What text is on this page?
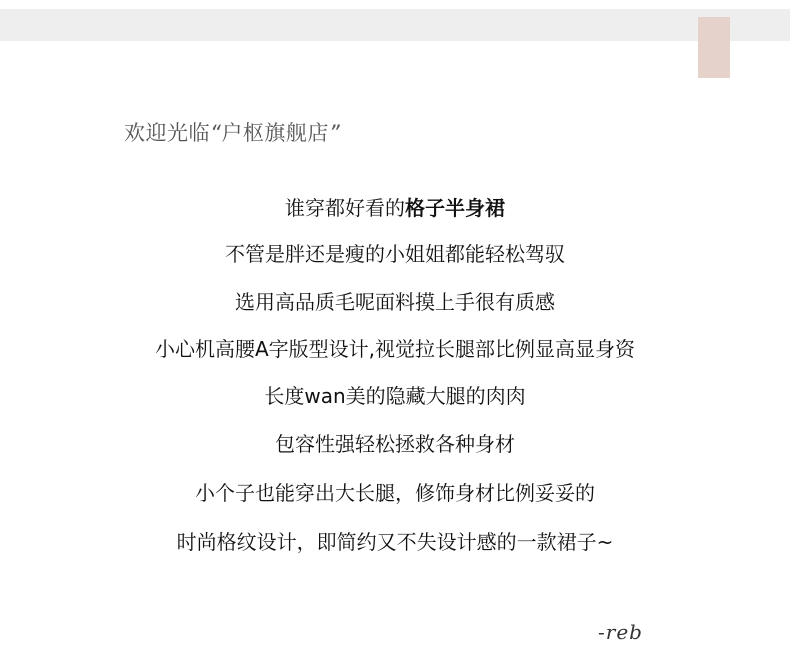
欢迎光临“户枢旗舰店”
谁穿都好看的格子半身裙
不管是胖还是瘦的小姐姐都能轻松驾驭
选用高品质毛呢面料摸上手很有质感
小心机高腰A字版型设计,视觉拉长腿部比例显高显身资
长度wan美的隐藏大腿的肉肉
包容性强轻松拯救各种身材
小个子也能穿出大长腿，修饰身材比例妥妥的
时尚格纹设计，即简约又不失设计感的一款裙子~
-reb
